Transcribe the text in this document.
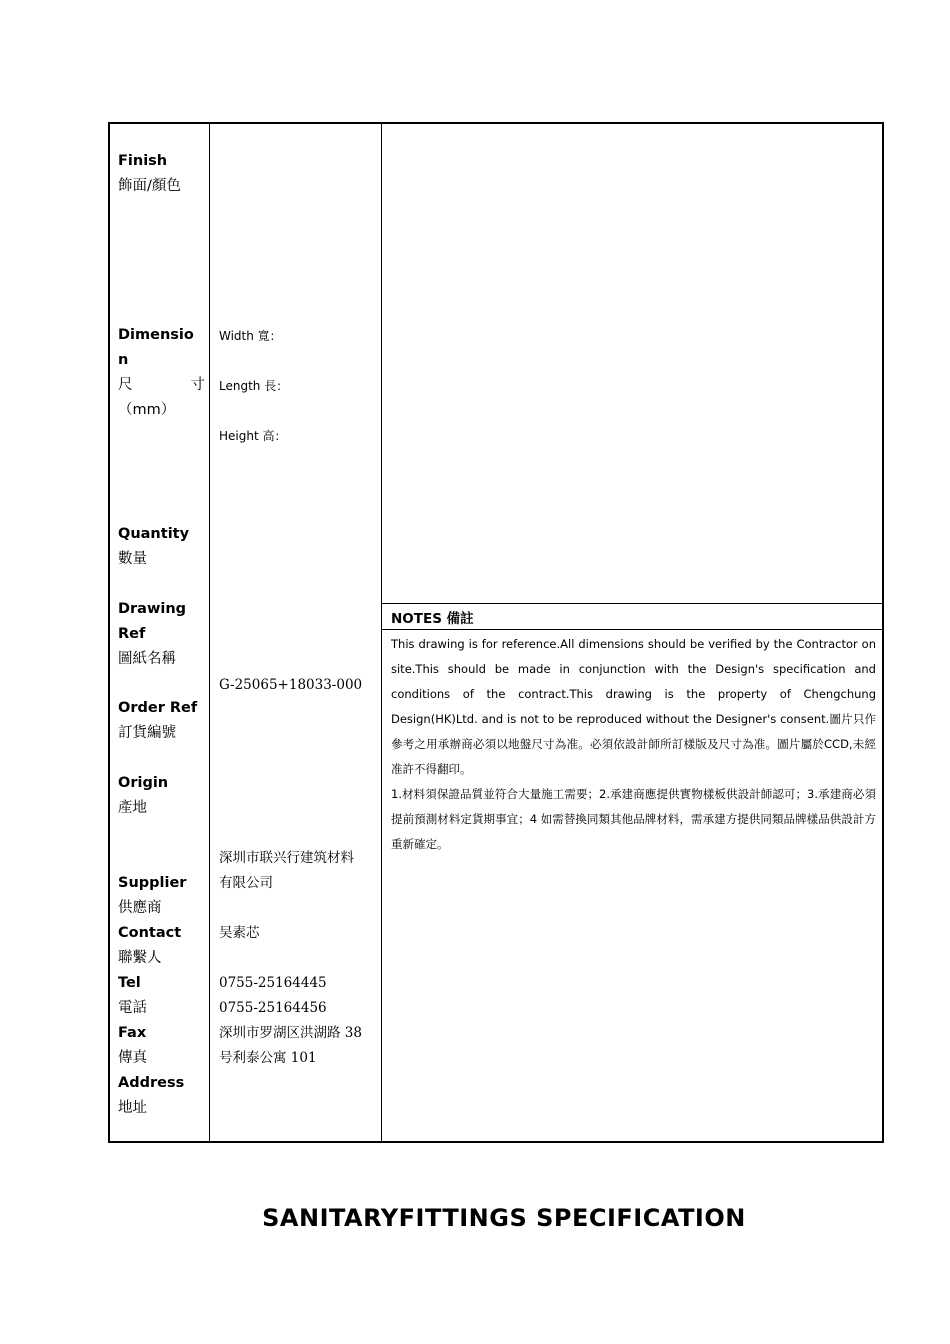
Finish
飾面/顏色
Dimensio
n
尺　　　　寸
（mm）
Quantity
數量
Drawing
Ref
圖紙名稱
Order Ref
訂貨編號
Origin
產地
Supplier
供應商
Contact
聯繫人
Tel
電話
Fax
傳真
Address
地址
Width 寬：
Length 長：
Height 高：
G-25065+18033-000
深圳市联兴行建筑材料
有限公司
吴素芯
0755-25164445
0755-25164456
深圳市罗湖区洪湖路 38
号利泰公寓 101
NOTES 備註

This drawing is for reference.All dimensions should be verified by the Contractor on site.This should be made in conjunction with the Design's specification and conditions of the contract.This drawing is the property of Chengchung Design(HK)Ltd. and is not to be reproduced without the Designer's consent.圖片只作參考之用承辦商必須以地盤尺寸為准。必須依設計師所訂樣版及尺寸為准。圖片屬於CCD,未經准許不得翻印。

1.材料須保證品質並符合大量施工需要；2.承建商應提供實物樣板供設計師認可；3.承建商必須提前預測材料定貨期事宜；4 如需替換同類其他品牌材料，需承建方提供同類品牌樣品供設計方重新確定。

SANITARYFITTINGS SPECIFICATION
